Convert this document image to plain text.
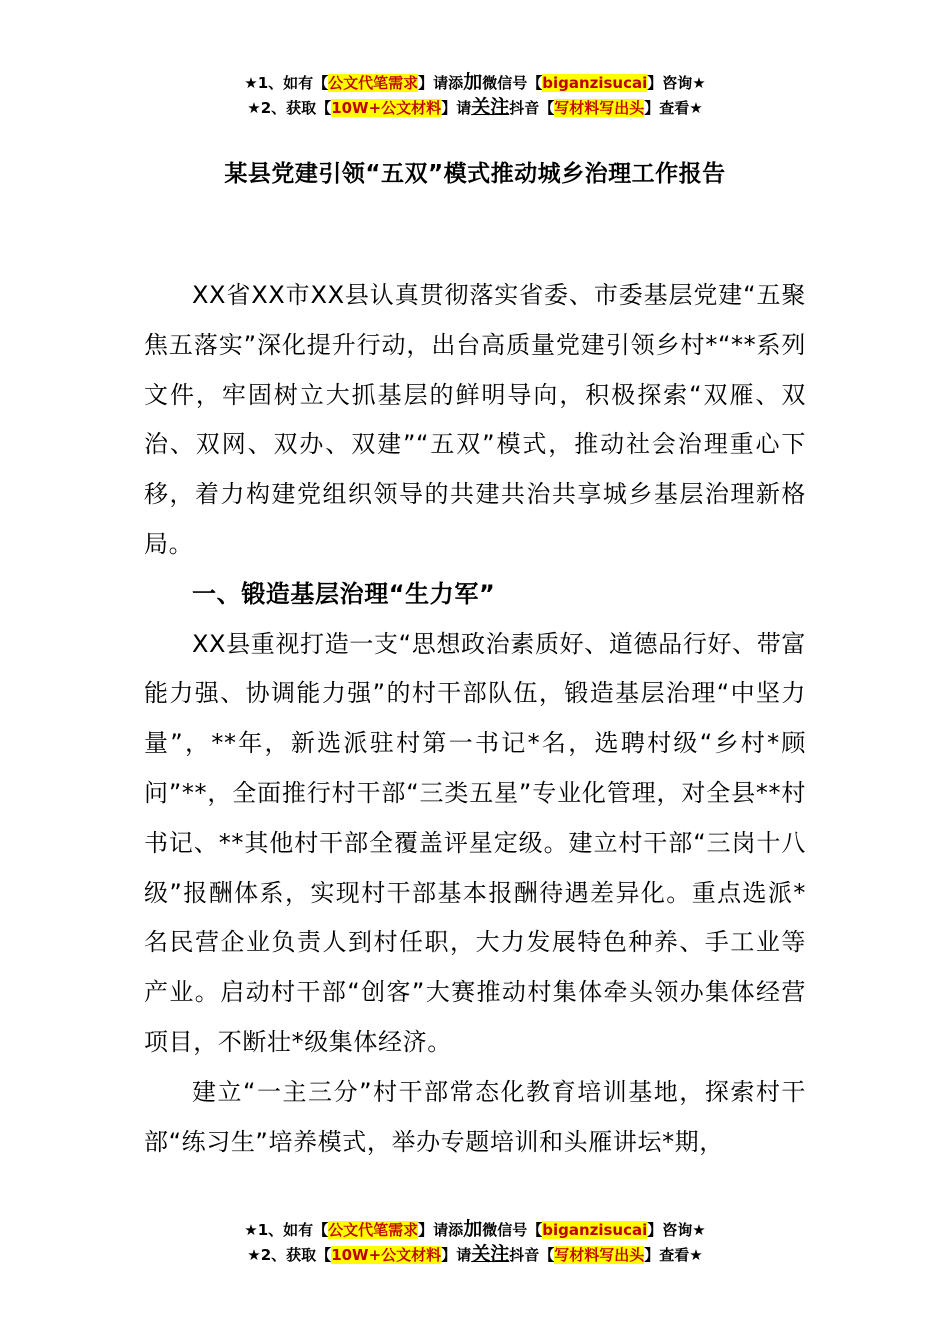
★1、如有【公文代笔需求】请添加微信号【biganzisucai】咨询★
★2、获取【10W+公文材料】请关注抖音【写材料写出头】查看★
某县党建引领“五双”模式推动城乡治理工作报告

XX省XX市XX县认真贯彻落实省委、市委基层党建“五聚焦五落实”深化提升行动，出台高质量党建引领乡村*“**系列文件，牢固树立大抓基层的鲜明导向，积极探索“双雁、双治、双网、双办、双建”“五双”模式，推动社会治理重心下移，着力构建党组织领导的共建共治共享城乡基层治理新格局。

一、锻造基层治理“生力军”

XX县重视打造一支“思想政治素质好、道德品行好、带富能力强、协调能力强”的村干部队伍，锻造基层治理“中坚力量”，**年，新选派驻村第一书记*名，选聘村级“乡村*顾问”**，全面推行村干部“三类五星”专业化管理，对全县**村书记、**其他村干部全覆盖评星定级。建立村干部“三岗十八级”报酬体系，实现村干部基本报酬待遇差异化。重点选派*名民营企业负责人到村任职，大力发展特色种养、手工业等产业。启动村干部“创客”大赛推动村集体牵头领办集体经营项目，不断壮*级集体经济。

建立“一主三分”村干部常态化教育培训基地，探索村干部“练习生”培养模式，举办专题培训和头雁讲坛*期，

★1、如有【公文代笔需求】请添加微信号【biganzisucai】咨询★
★2、获取【10W+公文材料】请关注抖音【写材料写出头】查看★
